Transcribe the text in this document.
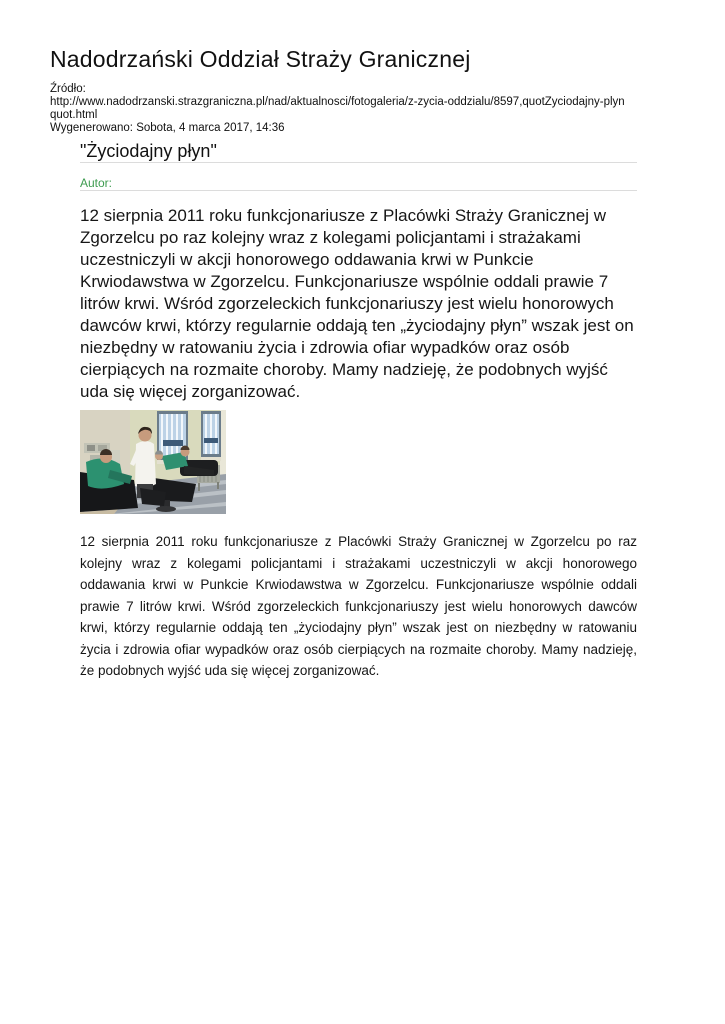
Nadodrzański Oddział Straży Granicznej
Źródło:
http://www.nadodrzanski.strazgraniczna.pl/nad/aktualnosci/fotogaleria/z-zycia-oddzialu/8597,quotZyciodajny-plyn
quot.html
Wygenerowano: Sobota, 4 marca 2017, 14:36
"Życiodajny płyn"
Autor:

12 sierpnia 2011 roku funkcjonariusze z Placówki Straży Granicznej w Zgorzelcu po raz kolejny wraz z kolegami policjantami i strażakami uczestniczyli w akcji honorowego oddawania krwi w Punkcie Krwiodawstwa w Zgorzelcu. Funkcjonariusze wspólnie oddali prawie 7 litrów krwi. Wśród zgorzeleckich funkcjonariuszy jest wielu honorowych dawców krwi, którzy regularnie oddają ten „życiodajny płyn” wszak jest on niezbędny w ratowaniu życia i zdrowia ofiar wypadków oraz osób cierpiących na rozmaite choroby. Mamy nadzieję, że podobnych wyjść uda się więcej zorganizować.

12 sierpnia 2011 roku funkcjonariusze z Placówki Straży Granicznej w Zgorzelcu po raz kolejny wraz z kolegami policjantami i strażakami uczestniczyli w akcji honorowego oddawania krwi w Punkcie Krwiodawstwa w Zgorzelcu. Funkcjonariusze wspólnie oddali prawie 7 litrów krwi. Wśród zgorzeleckich funkcjonariuszy jest wielu honorowych dawców krwi, którzy regularnie oddają ten „życiodajny płyn” wszak jest on niezbędny w ratowaniu życia i zdrowia ofiar wypadków oraz osób cierpiących na rozmaite choroby. Mamy nadzieję, że podobnych wyjść uda się więcej zorganizować.
